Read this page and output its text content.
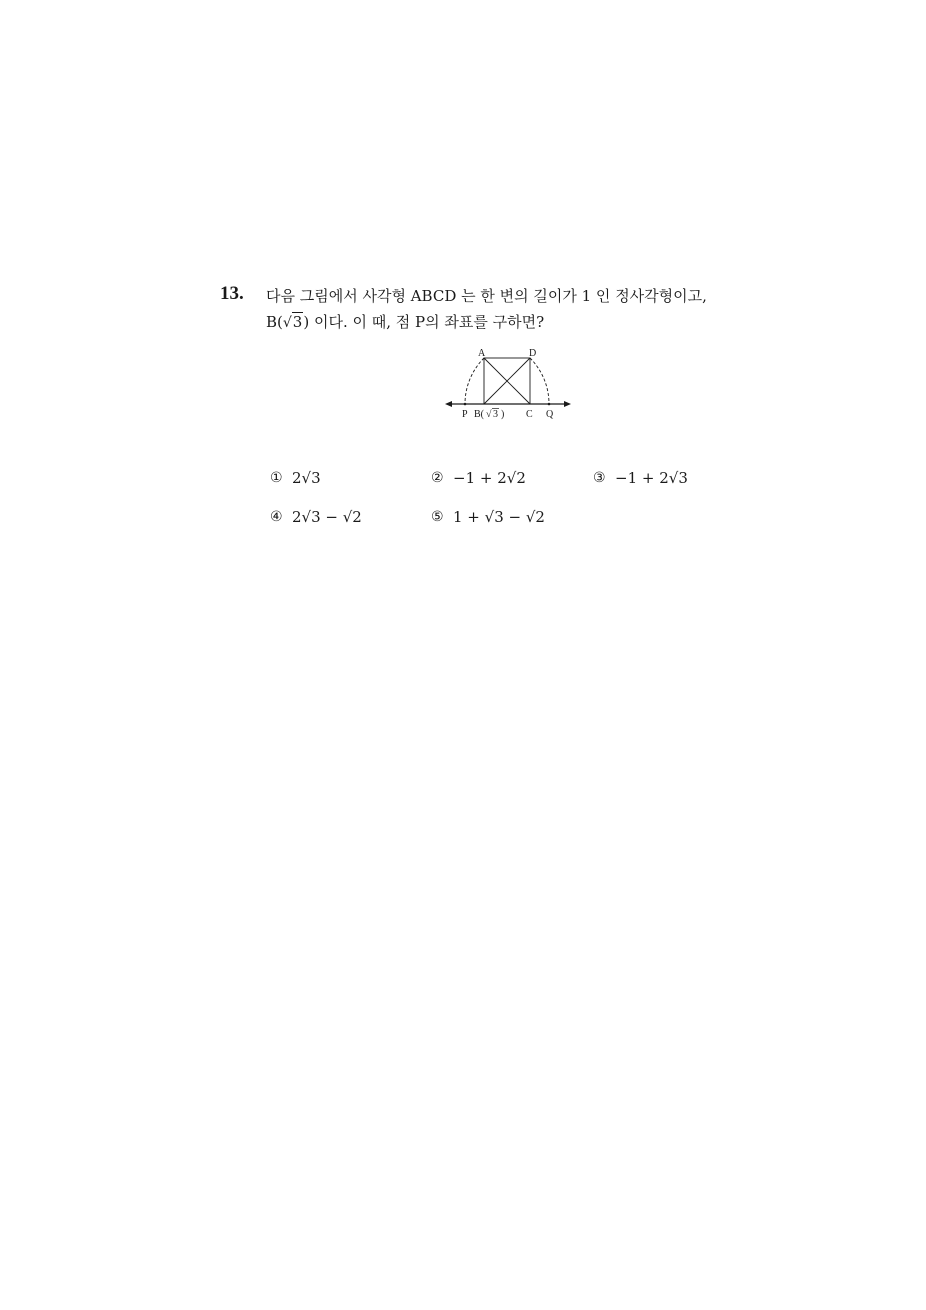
13. 다음 그림에서 사각형 ABCD 는 한 변의 길이가 1 인 정사각형이고,
B(√3) 이다. 이 때, 점 P의 좌표를 구하면?
A	D
P B( √ 3 ) C Q
① 2√3	② −1 + 2√2	③ −1 + 2√3
④ 2√3 − √2	⑤ 1 + √3 − √2
